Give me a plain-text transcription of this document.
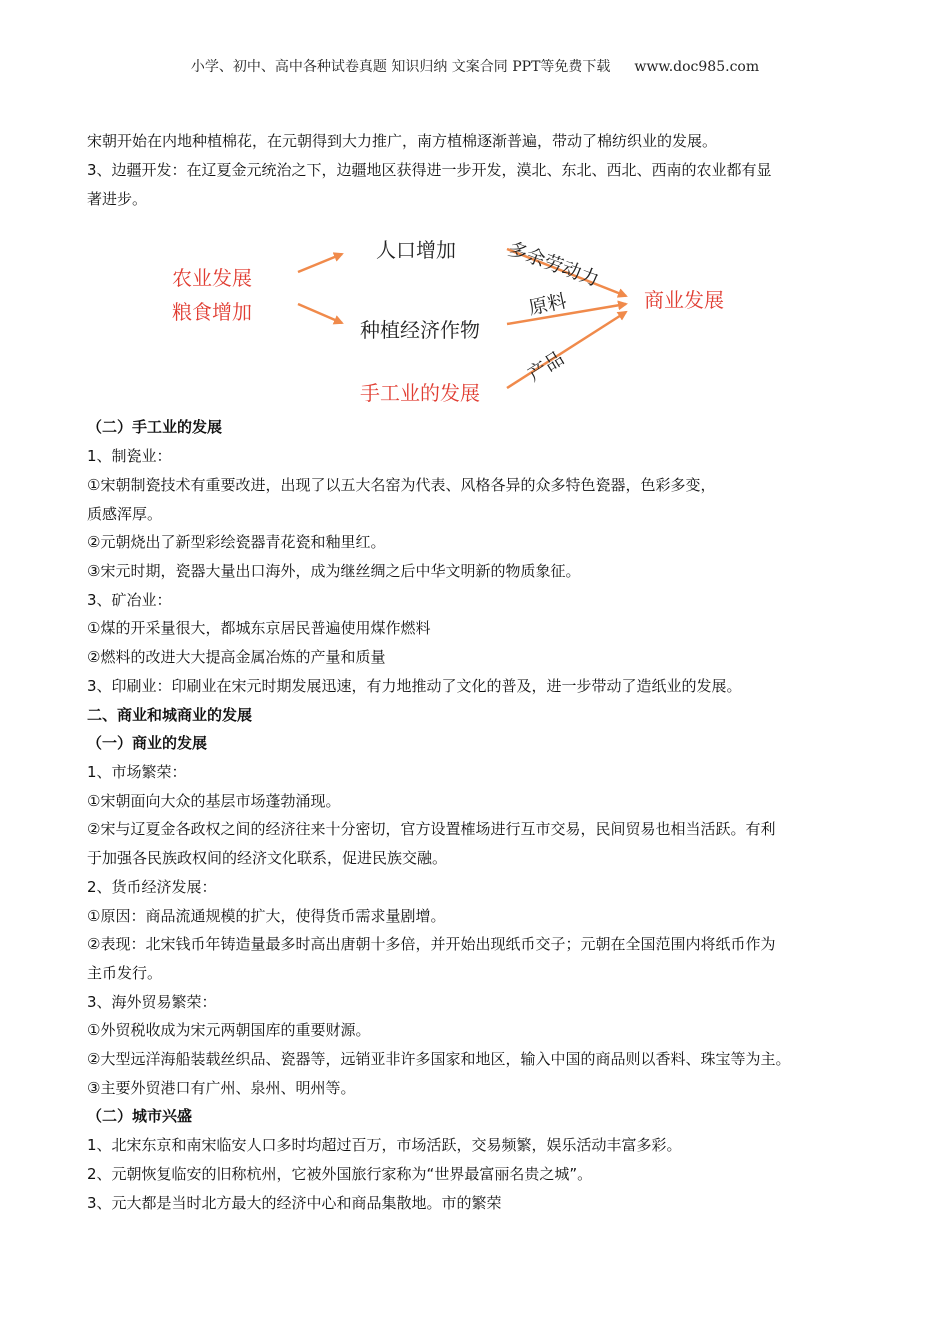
小学、初中、高中各种试卷真题 知识归纳 文案合同 PPT等免费下载 www.doc985.com

宋朝开始在内地种植棉花，在元朝得到大力推广，南方植棉逐渐普遍，带动了棉纺织业的发展。

3、边疆开发：在辽夏金元统治之下，边疆地区获得进一步开发，漠北、东北、西北、西南的农业都有显

著进步。

农业发展
粮食增加
人口增加
种植经济作物
手工业的发展
商业发展
多余劳动力
原料
产品

（二）手工业的发展

1、制瓷业：

①宋朝制瓷技术有重要改进，出现了以五大名窑为代表、风格各异的众多特色瓷器，色彩多变，

质感浑厚。

②元朝烧出了新型彩绘瓷器青花瓷和釉里红。

③宋元时期，瓷器大量出口海外，成为继丝绸之后中华文明新的物质象征。

3、矿冶业：

①煤的开采量很大，都城东京居民普遍使用煤作燃料

②燃料的改进大大提高金属冶炼的产量和质量

3、印刷业：印刷业在宋元时期发展迅速，有力地推动了文化的普及，进一步带动了造纸业的发展。

二、商业和城商业的发展

（一）商业的发展

1、市场繁荣：

①宋朝面向大众的基层市场蓬勃涌现。

②宋与辽夏金各政权之间的经济往来十分密切，官方设置榷场进行互市交易，民间贸易也相当活跃。有利

于加强各民族政权间的经济文化联系，促进民族交融。

2、货币经济发展：

①原因：商品流通规模的扩大，使得货币需求量剧增。

②表现：北宋钱币年铸造量最多时高出唐朝十多倍，并开始出现纸币交子；元朝在全国范围内将纸币作为

主币发行。

3、海外贸易繁荣：

①外贸税收成为宋元两朝国库的重要财源。

②大型远洋海船装载丝织品、瓷器等，远销亚非许多国家和地区，输入中国的商品则以香料、珠宝等为主。

③主要外贸港口有广州、泉州、明州等。

（二）城市兴盛

1、北宋东京和南宋临安人口多时均超过百万，市场活跃，交易频繁，娱乐活动丰富多彩。

2、元朝恢复临安的旧称杭州，它被外国旅行家称为“世界最富丽名贵之城”。

3、元大都是当时北方最大的经济中心和商品集散地。市的繁荣
